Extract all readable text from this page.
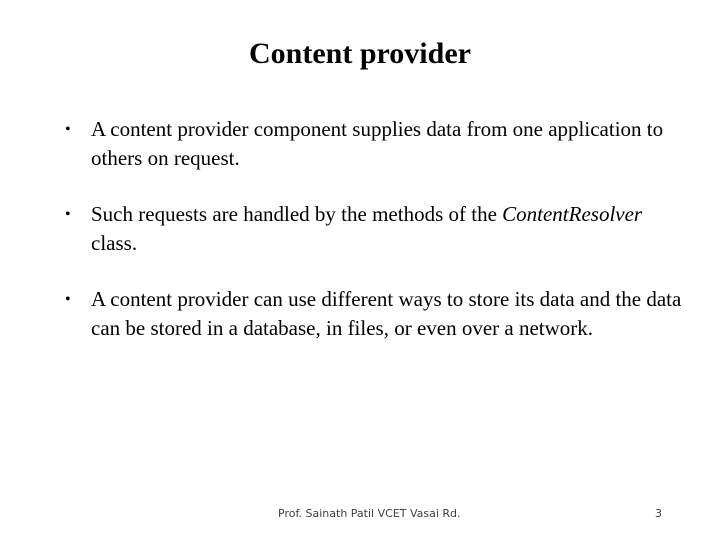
Content provider
• A content provider component supplies data from one application to others on request.
• Such requests are handled by the methods of the ContentResolver class.
• A content provider can use different ways to store its data and the data can be stored in a database, in files, or even over a network.
Prof. Sainath Patil VCET Vasai Rd.	3
